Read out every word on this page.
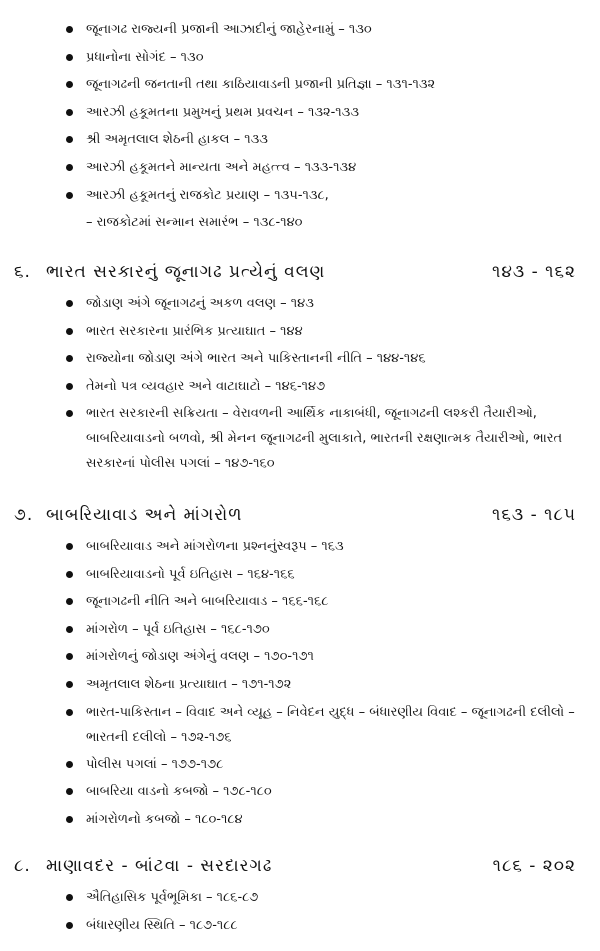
જૂનાગઢ રાજ્યની પ્રજાની આઝાદીનું જાહેરનામું – ૧૩૦
પ્રધાનોના સોગંદ – ૧૩૦
જૂનાગઢની જનતાની તથા કાઠિયાવાડની પ્રજાની પ્રતિજ્ઞા – ૧૩૧-૧૩૨
આરઝી હકૂમતના પ્રમુખનું પ્રથમ પ્રવચન – ૧૩૨-૧૩૩
શ્રી અમૃતલાલ શેઠની હાકલ – ૧૩૩
આરઝી હકૂમતને માન્યતા અને મહત્ત્વ – ૧૩૩-૧૩૪
આરઝી હકૂમતનું રાજકોટ પ્રયાણ – ૧૩૫-૧૩૮,
– રાજકોટમાં સન્માન સમારંભ – ૧૩૮-૧૪૦
૬. ભારત સરકારનું જૂનાગઢ પ્રત્યેનું વલણ	૧૪૩ - ૧૬૨
જોડાણ અંગે જૂનાગઢનું અકળ વલણ – ૧૪૩
ભારત સરકારના પ્રારંભિક પ્રત્યાઘાત – ૧૪૪
રાજ્યોના જોડાણ અંગે ભારત અને પાકિસ્તાનની નીતિ – ૧૪૪-૧૪૬
તેમનો પત્ર વ્યવહાર અને વાટાઘાટો – ૧૪૬-૧૪૭
ભારત સરકારની સક્રિયતા – વેરાવળની આર્થિક નાકાબંધી, જૂનાગઢની લશ્કરી તૈયારીઓ, બાબરિયાવાડનો બળવો, શ્રી મેનન જૂનાગઢની મુલાકાતે, ભારતની રક્ષણાત્મક તૈયારીઓ, ભારત સરકારનાં પોલીસ પગલાં – ૧૪૭-૧૬૦
૭. બાબરિયાવાડ અને માંગરોળ	૧૬૩ - ૧૮૫
બાબરિયાવાડ અને માંગરોળના પ્રશ્નનુંસ્વરૂપ – ૧૬૩
બાબરિયાવાડનો પૂર્વ ઇતિહાસ – ૧૬૪-૧૬૬
જૂનાગઢની નીતિ અને બાબરિયાવાડ – ૧૬૬-૧૬૮
માંગરોળ – પૂર્વ ઇતિહાસ – ૧૬૮-૧૭૦
માંગરોળનું જોડાણ અંગેનું વલણ – ૧૭૦-૧૭૧
અમૃતલાલ શેઠના પ્રત્યાઘાત – ૧૭૧-૧૭૨
ભારત-પાકિસ્તાન – વિવાદ અને વ્યૂહ – નિવેદન યુદ્ધ – બંધારણીય વિવાદ – જૂનાગઢની દલીલો –ભારતની દલીલો – ૧૭૨-૧૭૬
પોલીસ પગલાં – ૧૭૭-૧૭૮
બાબરિયા વાડનો કબજો – ૧૭૮-૧૮૦
માંગરોળનો કબજો – ૧૮૦-૧૮૪
૮. માણાવદર - બાંટવા - સરદારગઢ	૧૮૬ - ૨૦૨
ઐતિહાસિક પૂર્વભૂમિકા – ૧૮૬-૮૭
બંધારણીય સ્થિતિ – ૧૮૭-૧૮૮
